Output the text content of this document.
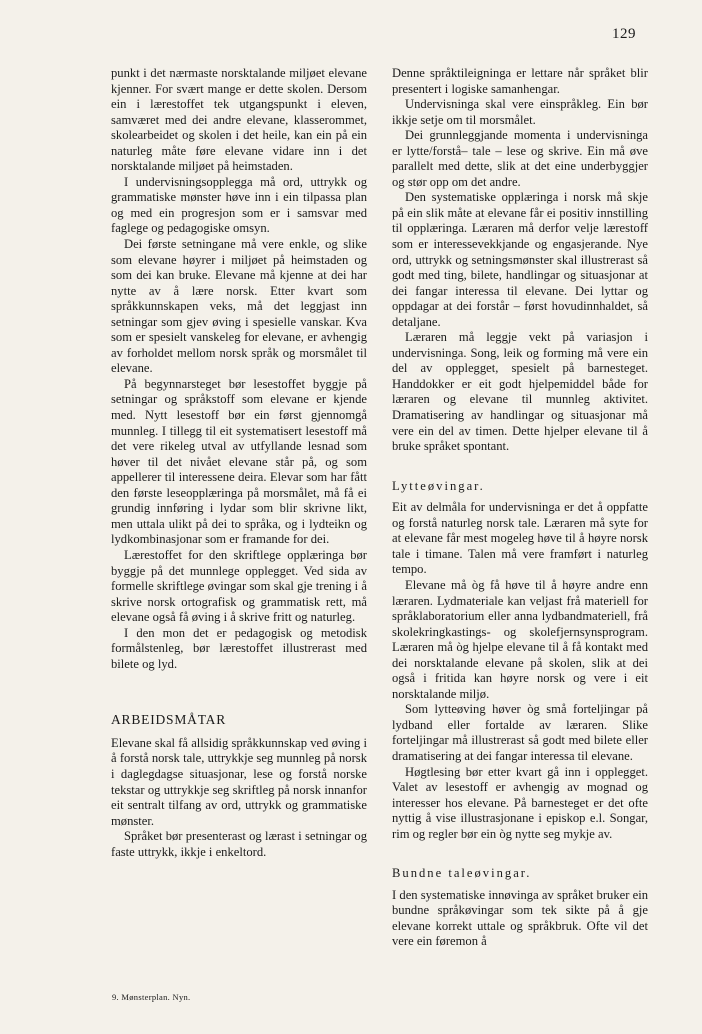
129

punkt i det nærmaste norsktalande miljøet elevane kjenner. For svært mange er dette skolen. Dersom ein i lærestoffet tek utgangspunkt i eleven, samværet med dei andre elevane, klasserommet, skolearbeidet og skolen i det heile, kan ein på ein naturleg måte føre elevane vidare inn i det norsktalande miljøet på heimstaden.

I undervisningsopplegga må ord, uttrykk og grammatiske mønster høve inn i ein tilpassa plan og med ein progresjon som er i samsvar med faglege og pedagogiske omsyn.

Dei første setningane må vere enkle, og slike som elevane høyrer i miljøet på heimstaden og som dei kan bruke. Elevane må kjenne at dei har nytte av å lære norsk. Etter kvart som språkkunnskapen veks, må det leggjast inn setningar som gjev øving i spesielle vanskar. Kva som er spesielt vanskeleg for elevane, er avhengig av forholdet mellom norsk språk og morsmålet til elevane.

På begynnarsteget bør lesestoffet byggje på setningar og språkstoff som elevane er kjende med. Nytt lesestoff bør ein først gjennomgå munnleg. I tillegg til eit systematisert lesestoff må det vere rikeleg utval av utfyllande lesnad som høver til det nivået elevane står på, og som appellerer til interessene deira. Elevar som har fått den første leseopplæringa på morsmålet, må få ei grundig innføring i lydar som blir skrivne likt, men uttala ulikt på dei to språka, og i lydteikn og lydkombinasjonar som er framande for dei.

Lærestoffet for den skriftlege opplæringa bør byggje på det munnlege opplegget. Ved sida av formelle skriftlege øvingar som skal gje trening i å skrive norsk ortografisk og grammatisk rett, må elevane også få øving i å skrive fritt og naturleg.

I den mon det er pedagogisk og metodisk formålstenleg, bør lærestoffet illustrerast med bilete og lyd.

ARBEIDSMÅTAR

Elevane skal få allsidig språkkunnskap ved øving i å forstå norsk tale, uttrykkje seg munnleg på norsk i daglegdagse situasjonar, lese og forstå norske tekstar og uttrykkje seg skriftleg på norsk innanfor eit sentralt tilfang av ord, uttrykk og grammatiske mønster.

Språket bør presenterast og lærast i setningar og faste uttrykk, ikkje i enkeltord.

Denne språktileigninga er lettare når språket blir presentert i logiske samanhengar.

Undervisninga skal vere einspråkleg. Ein bør ikkje setje om til morsmålet.

Dei grunnleggjande momenta i undervisninga er lytte/forstå– tale – lese og skrive. Ein må øve parallelt med dette, slik at det eine underbyggjer og stør opp om det andre.

Den systematiske opplæringa i norsk må skje på ein slik måte at elevane får ei positiv innstilling til opplæringa. Læraren må derfor velje lærestoff som er interessevekkjande og engasjerande. Nye ord, uttrykk og setningsmønster skal illustrerast så godt med ting, bilete, handlingar og situasjonar at dei fangar interessa til elevane. Dei lyttar og oppdagar at dei forstår – først hovudinnhaldet, så detaljane.

Læraren må leggje vekt på variasjon i undervisninga. Song, leik og forming må vere ein del av opplegget, spesielt på barnesteget. Handdokker er eit godt hjelpemiddel både for læraren og elevane til munnleg aktivitet. Dramatisering av handlingar og situasjonar må vere ein del av timen. Dette hjelper elevane til å bruke språket spontant.

Lytteøvingar.

Eit av delmåla for undervisninga er det å oppfatte og forstå naturleg norsk tale. Læraren må syte for at elevane får mest mogeleg høve til å høyre norsk tale i timane. Talen må vere framført i naturleg tempo.

Elevane må òg få høve til å høyre andre enn læraren. Lydmateriale kan veljast frå materiell for språklaboratorium eller anna lydbandmateriell, frå skolekringkastings- og skolefjernsynsprogram. Læraren må òg hjelpe elevane til å få kontakt med dei norsktalande elevane på skolen, slik at dei også i fritida kan høyre norsk og vere i eit norsktalande miljø.

Som lytteøving høver òg små forteljingar på lydband eller fortalde av læraren. Slike forteljingar må illustrerast så godt med bilete eller dramatisering at dei fangar interessa til elevane.

Høgtlesing bør etter kvart gå inn i opplegget. Valet av lesestoff er avhengig av mognad og interesser hos elevane. På barnesteget er det ofte nyttig å vise illustrasjonane i episkop e.l. Songar, rim og regler bør ein òg nytte seg mykje av.

Bundne taleøvingar.

I den systematiske innøvinga av språket bruker ein bundne språkøvingar som tek sikte på å gje elevane korrekt uttale og språkbruk. Ofte vil det vere ein føremon å

9. Mønsterplan. Nyn.
